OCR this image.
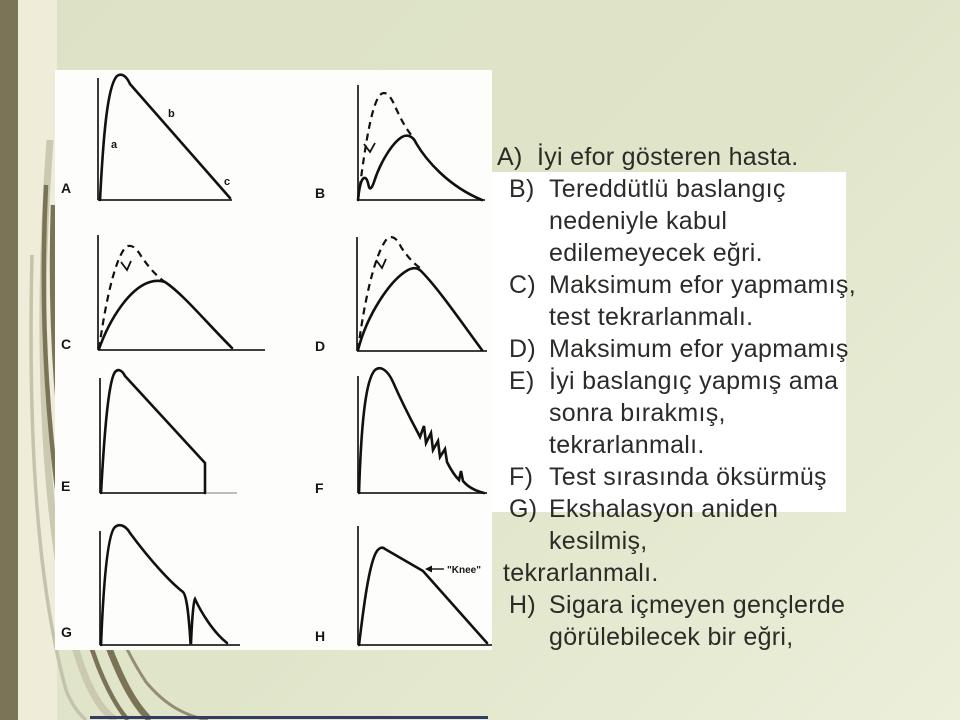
a
b
c
A	B
C	D
E	F
G
"Knee"
H
A) İyi efor gösteren hasta.
B) Tereddütlü baslangıç
nedeniyle kabul
edilemeyecek eğri.
C) Maksimum efor yapmamış,
test tekrarlanmalı.
D) Maksimum efor yapmamış
E) İyi baslangıç yapmış ama
sonra bırakmış,
tekrarlanmalı.
F) Test sırasında öksürmüş
G) Ekshalasyon aniden
kesilmiş,
tekrarlanmalı.
H) Sigara içmeyen gençlerde
görülebilecek bir eğri,
